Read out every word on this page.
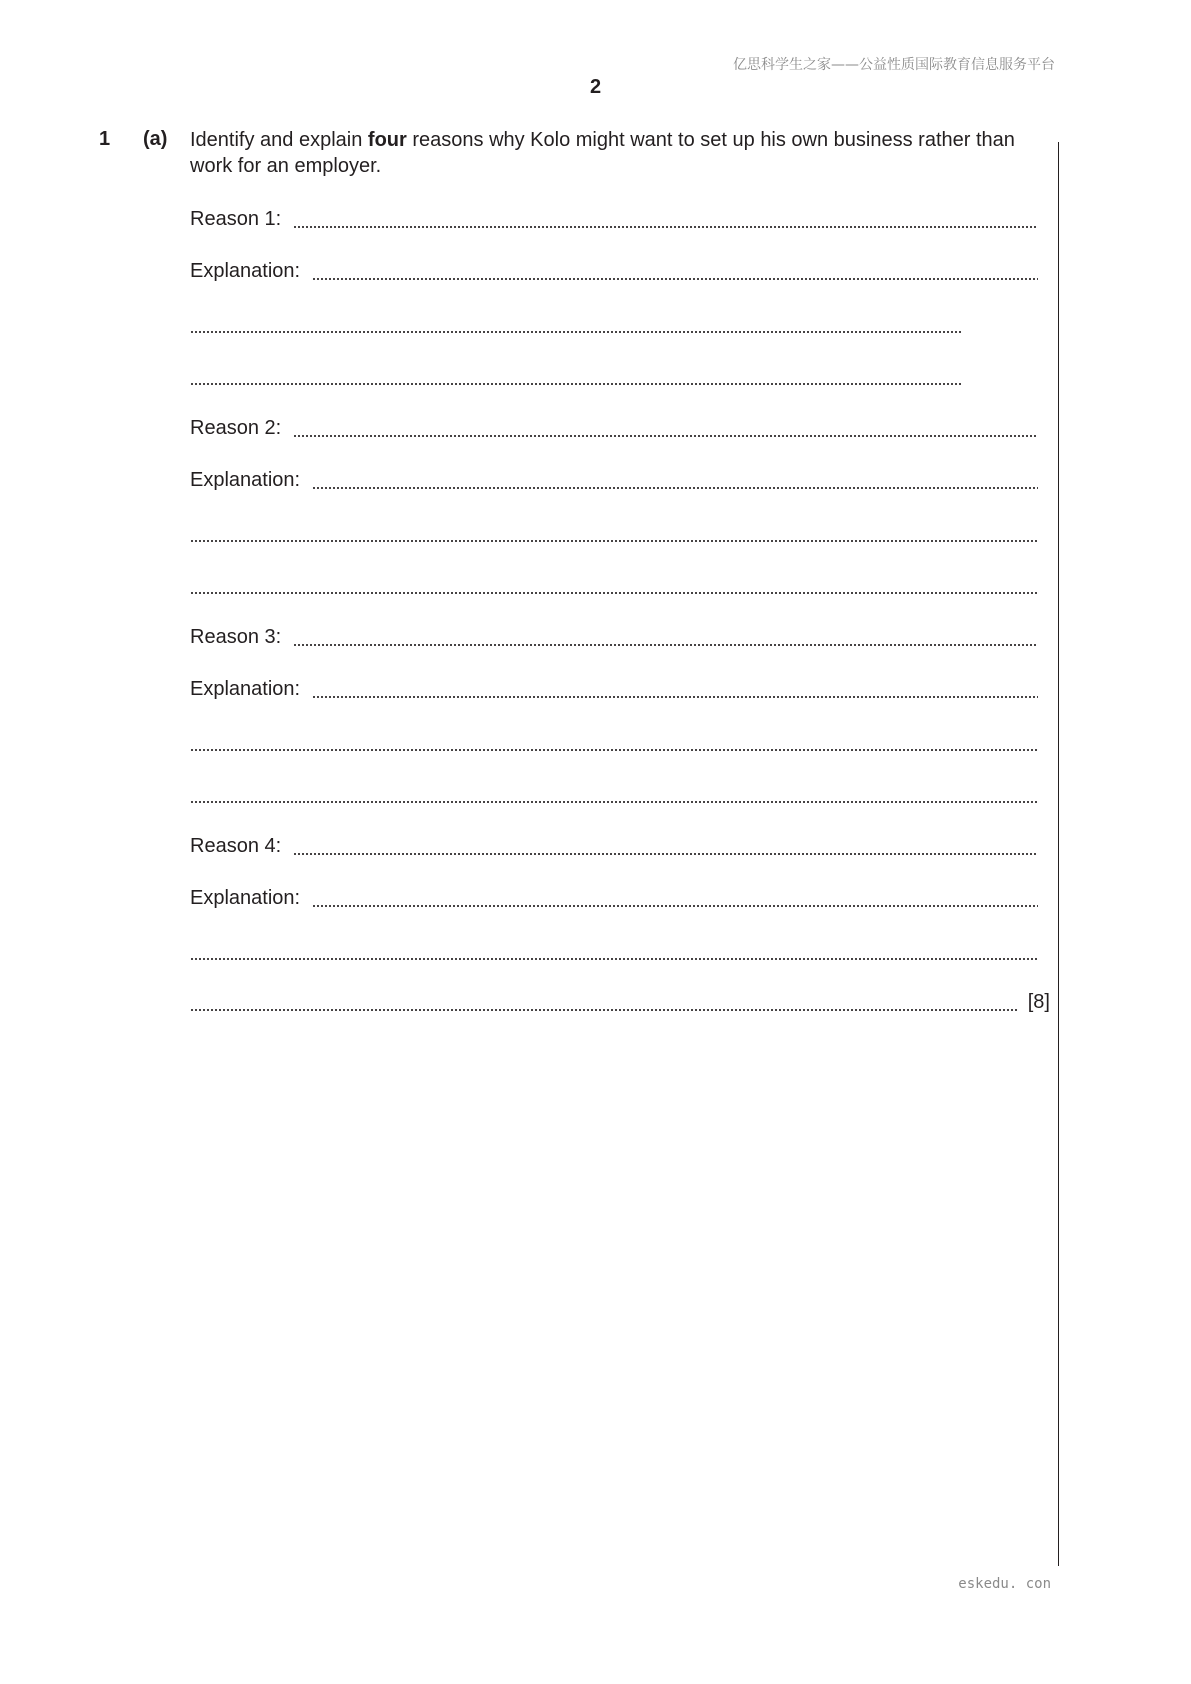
亿思科学生之家——公益性质国际教育信息服务平台
2
1 (a) Identify and explain four reasons why Kolo might want to set up his own business rather than work for an employer.
Reason 1:
Explanation:
Reason 2:
Explanation:
Reason 3:
Explanation:
Reason 4:
Explanation:
[8]
eskedu. con
